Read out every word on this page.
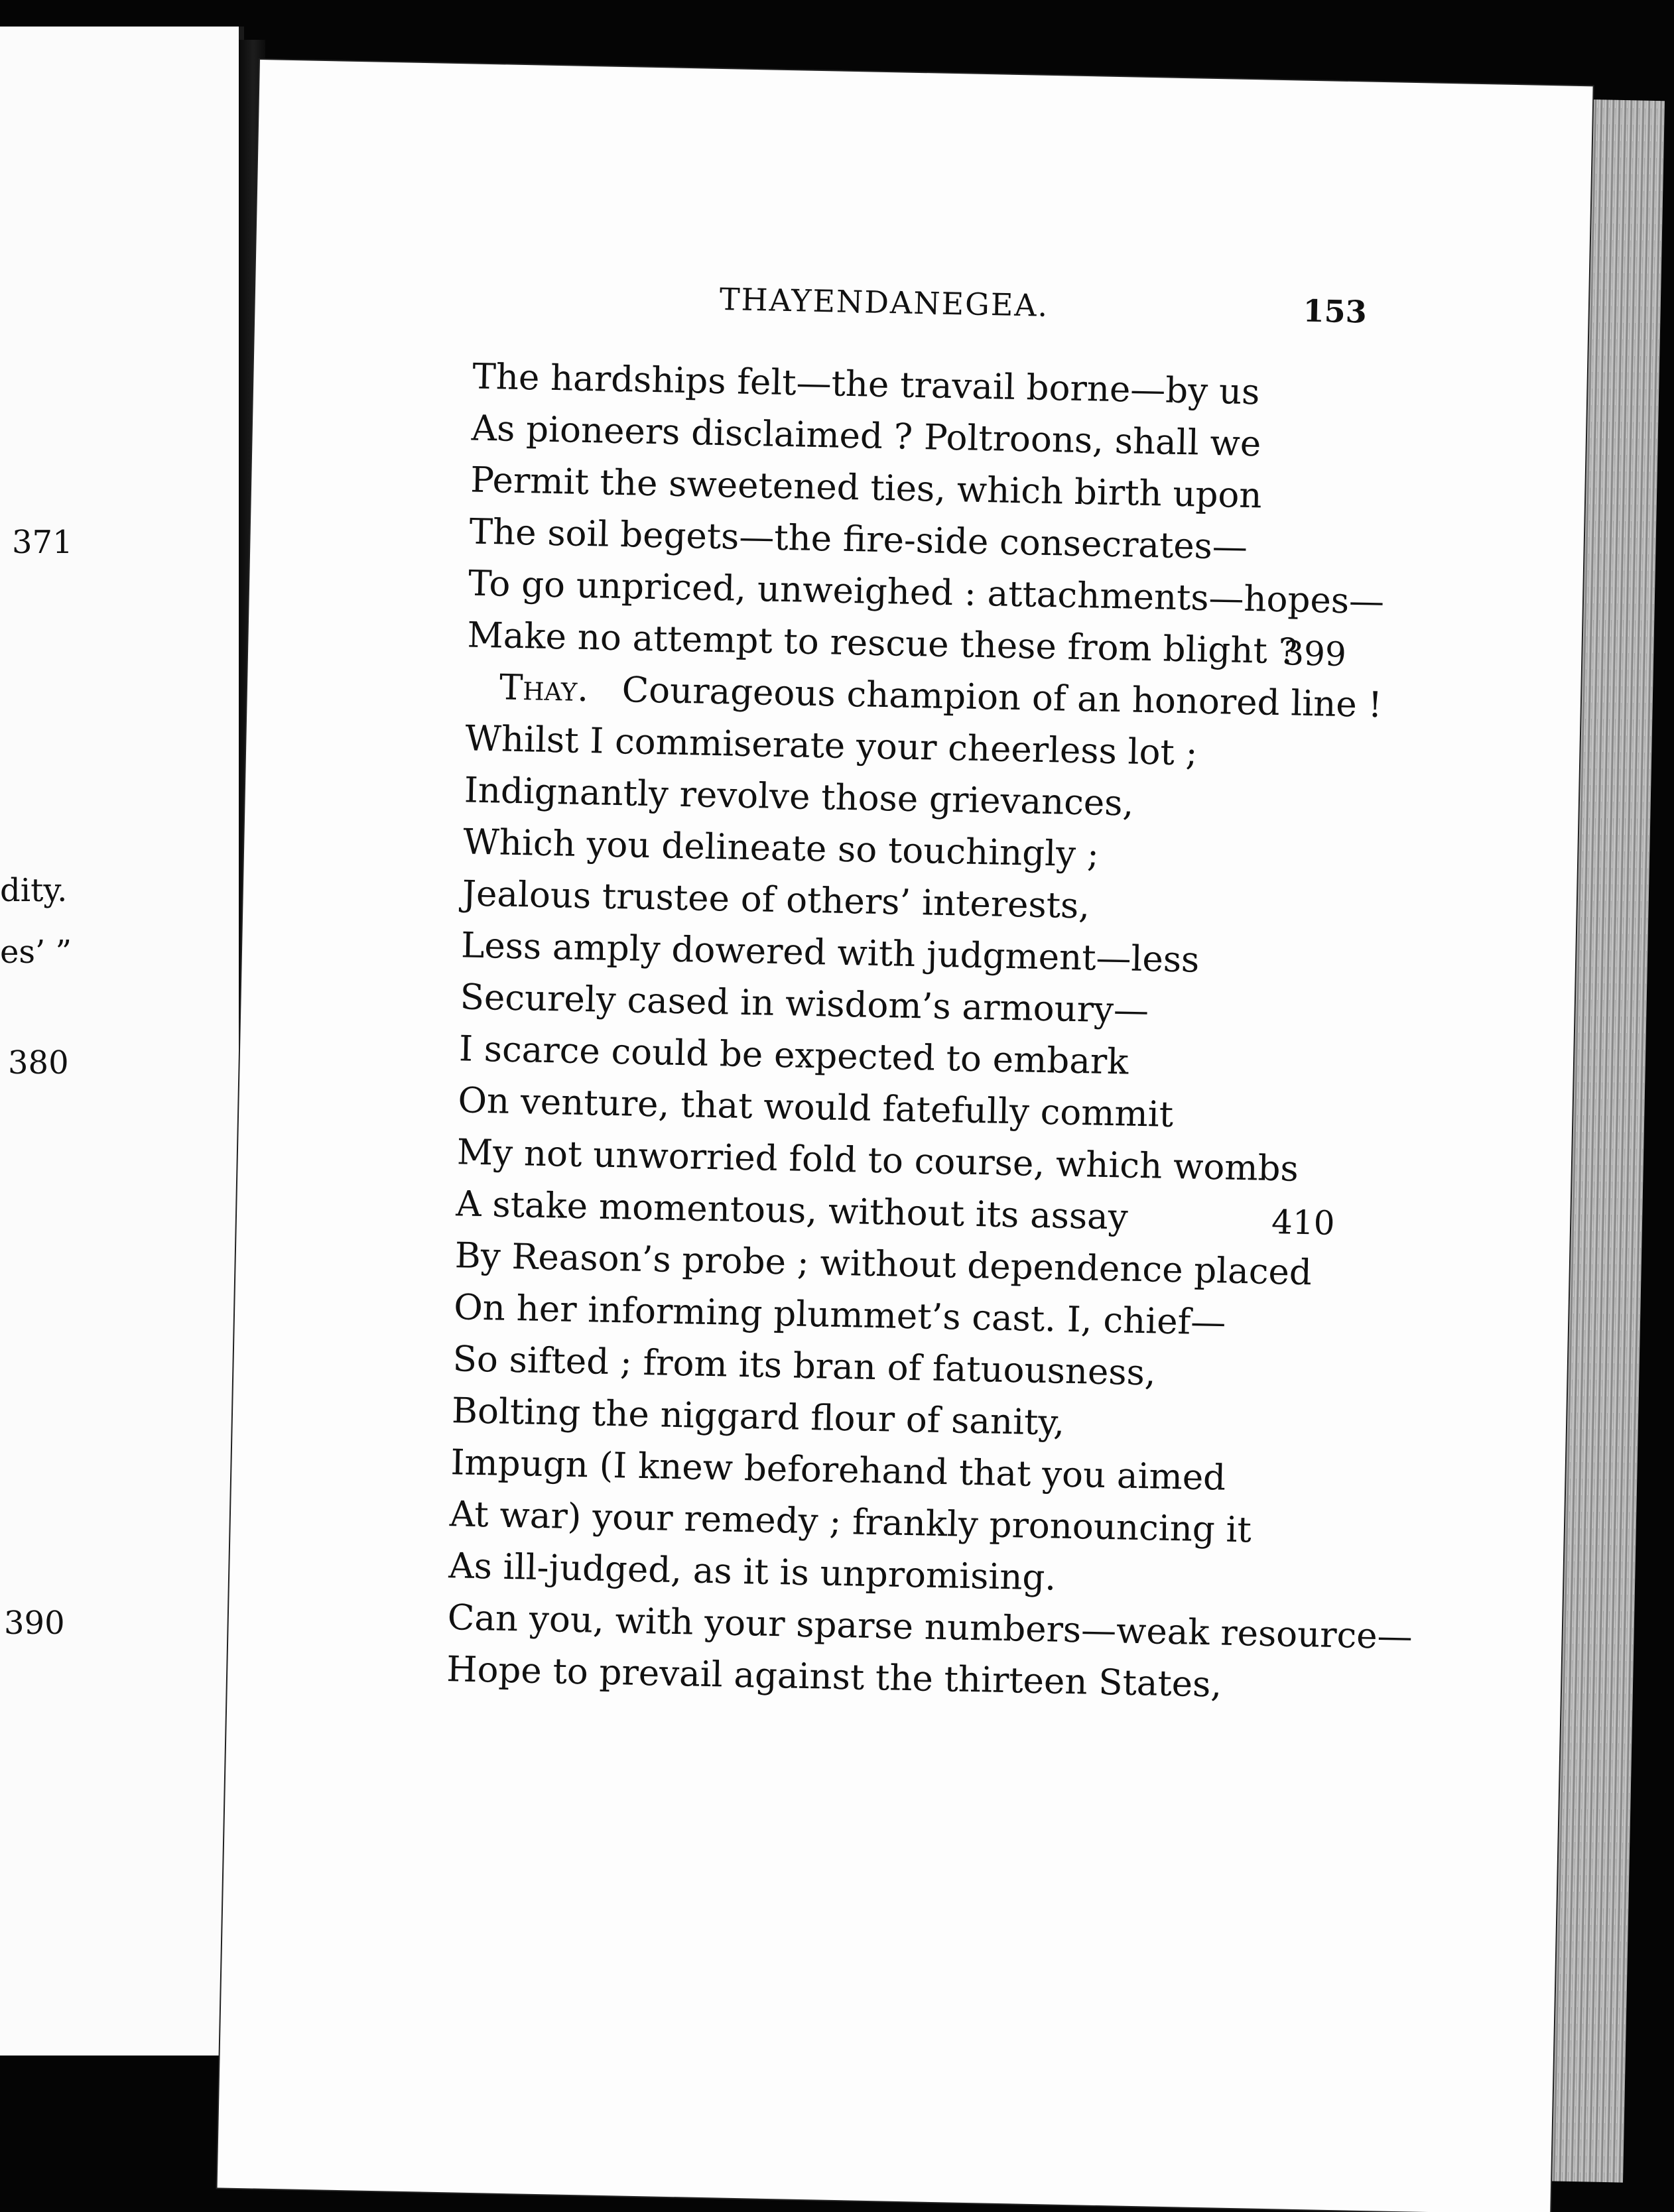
371
dity.
es’ ”
380
390
THAYENDANEGEA.	153
The hardships felt—the travail borne—by us
As pioneers disclaimed ? Poltroons, shall we
Permit the sweetened ties, which birth upon
The soil begets—the fire-side consecrates—
To go unpriced, unweighed : attachments—hopes—
Make no attempt to rescue these from blight ?
399
Thay. Courageous champion of an honored line !
Whilst I commiserate your cheerless lot ;
Indignantly revolve those grievances,
Which you delineate so touchingly ;
Jealous trustee of others’ interests,
Less amply dowered with judgment—less
Securely cased in wisdom’s armoury—
I scarce could be expected to embark
On venture, that would fatefully commit
My not unworried fold to course, which wombs
A stake momentous, without its assay	410
By Reason’s probe ; without dependence placed
On her informing plummet’s cast. I, chief—
So sifted ; from its bran of fatuousness,
Bolting the niggard flour of sanity,
Impugn (I knew beforehand that you aimed
At war) your remedy ; frankly pronouncing it
As ill-judged, as it is unpromising.
Can you, with your sparse numbers—weak resource—
Hope to prevail against the thirteen States,
